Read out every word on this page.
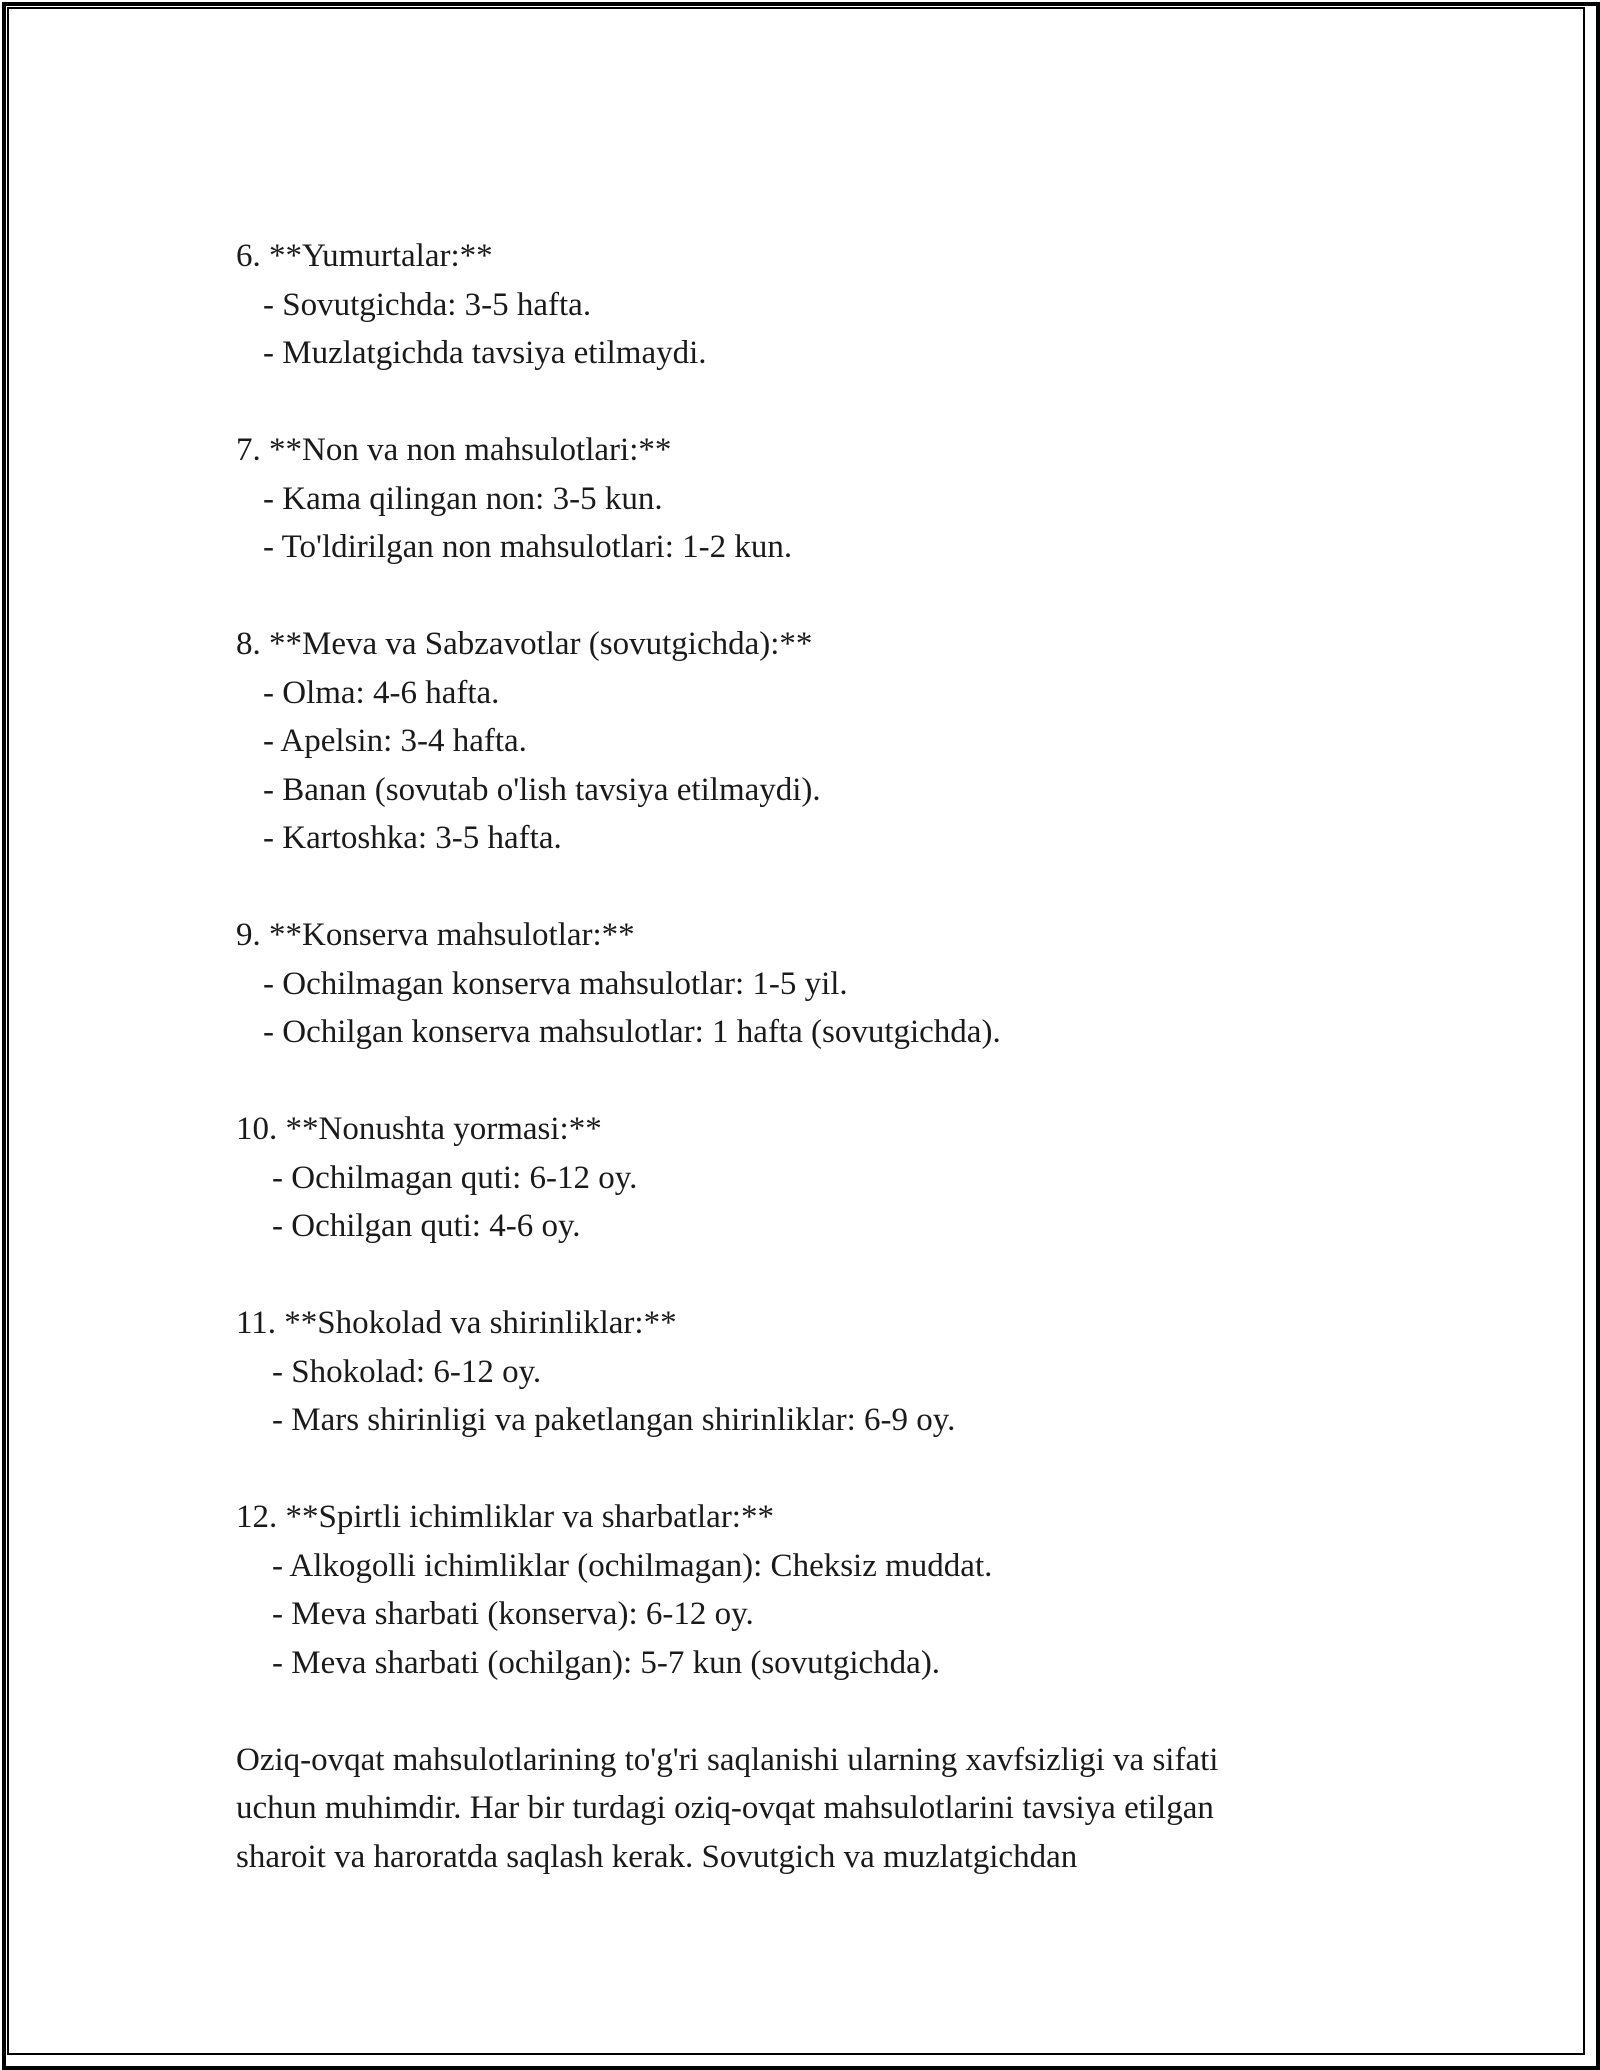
6. **Yumurtalar:**
- Sovutgichda: 3-5 hafta.
- Muzlatgichda tavsiya etilmaydi.
7. **Non va non mahsulotlari:**
- Kama qilingan non: 3-5 kun.
- To'ldirilgan non mahsulotlari: 1-2 kun.
8. **Meva va Sabzavotlar (sovutgichda):**
- Olma: 4-6 hafta.
- Apelsin: 3-4 hafta.
- Banan (sovutab o'lish tavsiya etilmaydi).
- Kartoshka: 3-5 hafta.
9. **Konserva mahsulotlar:**
- Ochilmagan konserva mahsulotlar: 1-5 yil.
- Ochilgan konserva mahsulotlar: 1 hafta (sovutgichda).
10. **Nonushta yormasi:**
- Ochilmagan quti: 6-12 oy.
- Ochilgan quti: 4-6 oy.
11. **Shokolad va shirinliklar:**
- Shokolad: 6-12 oy.
- Mars shirinligi va paketlangan shirinliklar: 6-9 oy.
12. **Spirtli ichimliklar va sharbatlar:**
- Alkogolli ichimliklar (ochilmagan): Cheksiz muddat.
- Meva sharbati (konserva): 6-12 oy.
- Meva sharbati (ochilgan): 5-7 kun (sovutgichda).
Oziq-ovqat mahsulotlarining to'g'ri saqlanishi ularning xavfsizligi va sifati
uchun muhimdir. Har bir turdagi oziq-ovqat mahsulotlarini tavsiya etilgan
sharoit va haroratda saqlash kerak. Sovutgich va muzlatgichdan
